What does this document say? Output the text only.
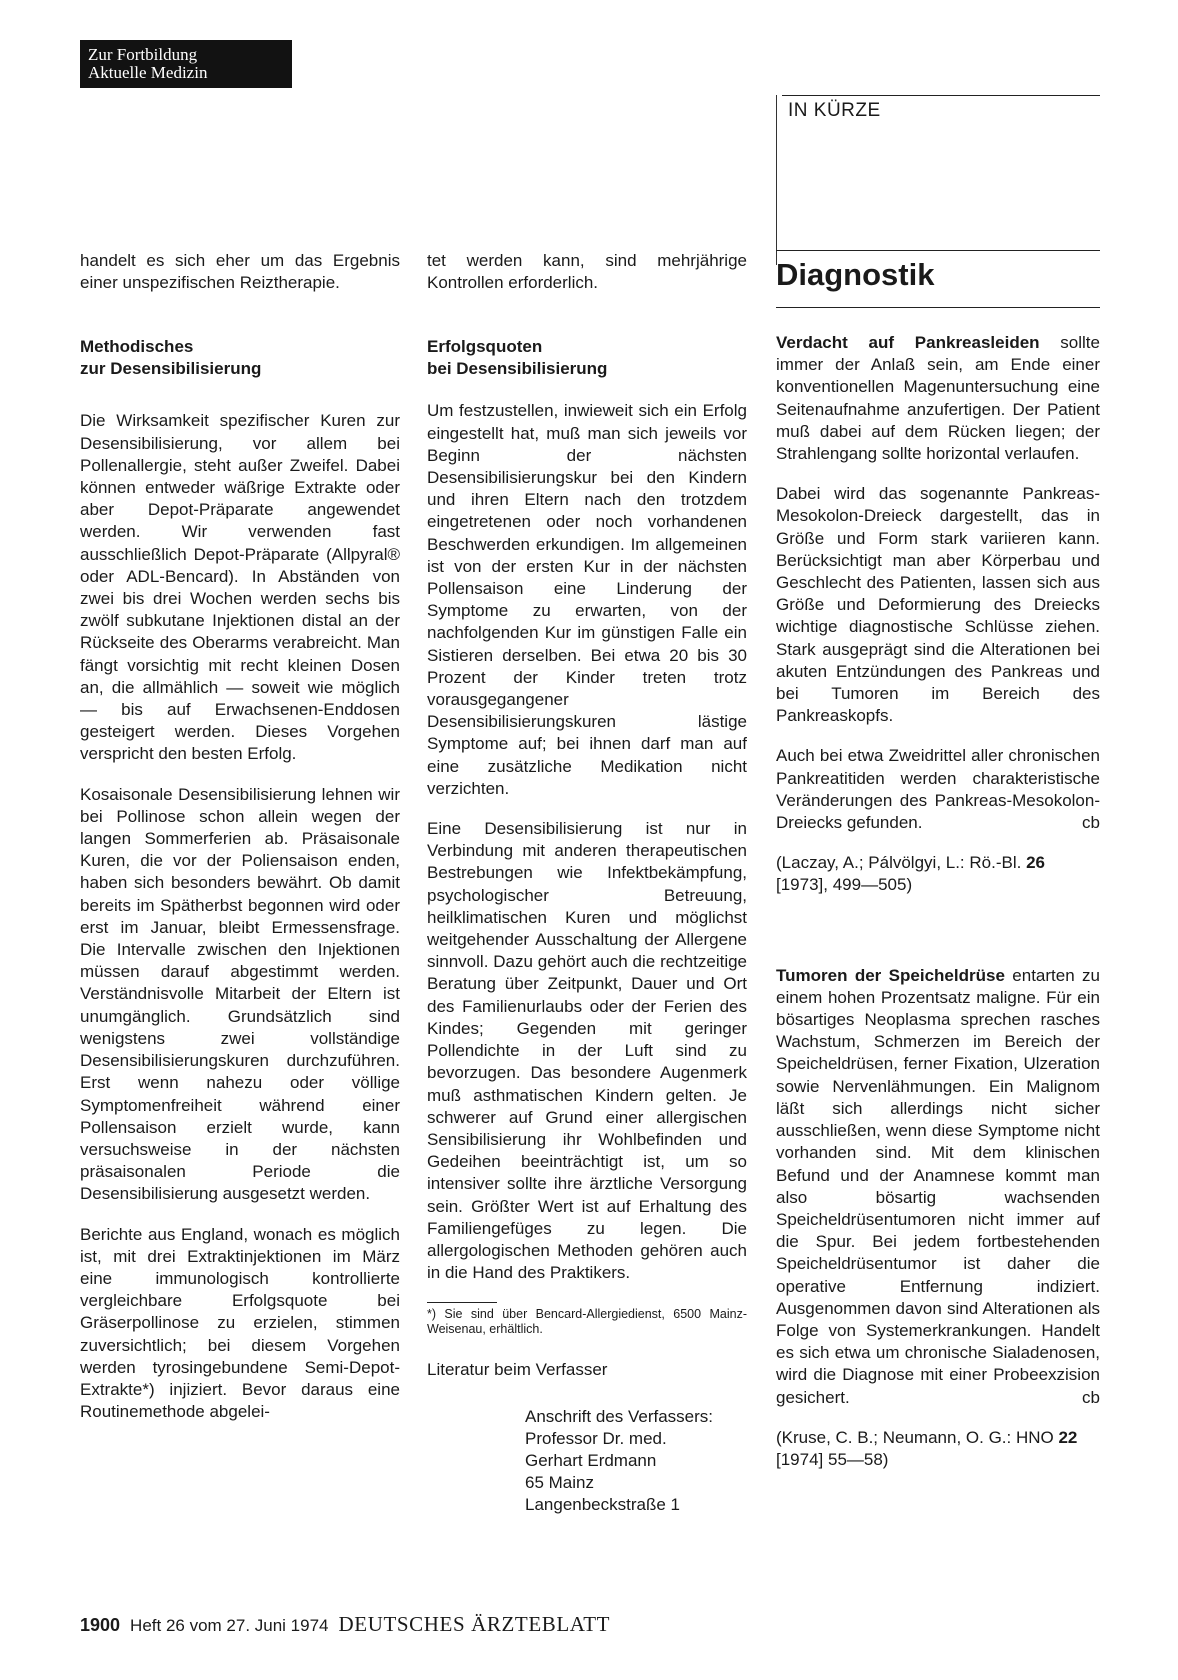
Zur Fortbildung
Aktuelle Medizin
IN KÜRZE

handelt es sich eher um das Ergebnis einer unspezifischen Reiztherapie.

Methodisches
zur Desensibilisierung

Die Wirksamkeit spezifischer Kuren zur Desensibilisierung, vor allem bei Pollenallergie, steht außer Zweifel. Dabei können entweder wäßrige Extrakte oder aber Depot-Präparate angewendet werden. Wir verwenden fast ausschließlich Depot-Präparate (Allpyral® oder ADL-Bencard). In Abständen von zwei bis drei Wochen werden sechs bis zwölf subkutane Injektionen distal an der Rückseite des Oberarms verabreicht. Man fängt vorsichtig mit recht kleinen Dosen an, die allmählich — soweit wie möglich — bis auf Erwachsenen-Enddosen gesteigert werden. Dieses Vorgehen verspricht den besten Erfolg.

Kosaisonale Desensibilisierung lehnen wir bei Pollinose schon allein wegen der langen Sommerferien ab. Präsaisonale Kuren, die vor der Poliensaison enden, haben sich besonders bewährt. Ob damit bereits im Spätherbst begonnen wird oder erst im Januar, bleibt Ermessensfrage. Die Intervalle zwischen den Injektionen müssen darauf abgestimmt werden. Verständnisvolle Mitarbeit der Eltern ist unumgänglich. Grundsätzlich sind wenigstens zwei vollständige Desensibilisierungskuren durchzuführen. Erst wenn nahezu oder völlige Symptomenfreiheit während einer Pollensaison erzielt wurde, kann versuchsweise in der nächsten präsaisonalen Periode die Desensibilisierung ausgesetzt werden.

Berichte aus England, wonach es möglich ist, mit drei Extraktinjektionen im März eine immunologisch kontrollierte vergleichbare Erfolgsquote bei Gräserpollinose zu erzielen, stimmen zuversichtlich; bei diesem Vorgehen werden tyrosingebundene Semi-Depot-Extrakte*) injiziert. Bevor daraus eine Routinemethode abgelei-

tet werden kann, sind mehrjährige Kontrollen erforderlich.

Erfolgsquoten
bei Desensibilisierung

Um festzustellen, inwieweit sich ein Erfolg eingestellt hat, muß man sich jeweils vor Beginn der nächsten Desensibilisierungskur bei den Kindern und ihren Eltern nach den trotzdem eingetretenen oder noch vorhandenen Beschwerden erkundigen. Im allgemeinen ist von der ersten Kur in der nächsten Pollensaison eine Linderung der Symptome zu erwarten, von der nachfolgenden Kur im günstigen Falle ein Sistieren derselben. Bei etwa 20 bis 30 Prozent der Kinder treten trotz vorausgegangener Desensibilisierungskuren lästige Symptome auf; bei ihnen darf man auf eine zusätzliche Medikation nicht verzichten.

Eine Desensibilisierung ist nur in Verbindung mit anderen therapeutischen Bestrebungen wie Infektbekämpfung, psychologischer Betreuung, heilklimatischen Kuren und möglichst weitgehender Ausschaltung der Allergene sinnvoll. Dazu gehört auch die rechtzeitige Beratung über Zeitpunkt, Dauer und Ort des Familienurlaubs oder der Ferien des Kindes; Gegenden mit geringer Pollendichte in der Luft sind zu bevorzugen. Das besondere Augenmerk muß asthmatischen Kindern gelten. Je schwerer auf Grund einer allergischen Sensibilisierung ihr Wohlbefinden und Gedeihen beeinträchtigt ist, um so intensiver sollte ihre ärztliche Versorgung sein. Größter Wert ist auf Erhaltung des Familiengefüges zu legen. Die allergologischen Methoden gehören auch in die Hand des Praktikers.

*) Sie sind über Bencard-Allergiedienst, 6500 Mainz-Weisenau, erhältlich.

Literatur beim Verfasser

Anschrift des Verfassers:
Professor Dr. med.
Gerhart Erdmann
65 Mainz
Langenbeckstraße 1
Diagnostik

Verdacht auf Pankreasleiden sollte immer der Anlaß sein, am Ende einer konventionellen Magenuntersuchung eine Seitenaufnahme anzufertigen. Der Patient muß dabei auf dem Rücken liegen; der Strahlengang sollte horizontal verlaufen.

Dabei wird das sogenannte Pankreas-Mesokolon-Dreieck dargestellt, das in Größe und Form stark variieren kann. Berücksichtigt man aber Körperbau und Geschlecht des Patienten, lassen sich aus Größe und Deformierung des Dreiecks wichtige diagnostische Schlüsse ziehen. Stark ausgeprägt sind die Alterationen bei akuten Entzündungen des Pankreas und bei Tumoren im Bereich des Pankreaskopfs.

Auch bei etwa Zweidrittel aller chronischen Pankreatitiden werden charakteristische Veränderungen des Pankreas-Mesokolon-Dreiecks gefunden.	cb

(Laczay, A.; Pálvölgyi, L.: Rö.-Bl. 26 [1973], 499—505)

Tumoren der Speicheldrüse entarten zu einem hohen Prozentsatz maligne. Für ein bösartiges Neoplasma sprechen rasches Wachstum, Schmerzen im Bereich der Speicheldrüsen, ferner Fixation, Ulzeration sowie Nervenlähmungen. Ein Malignom läßt sich allerdings nicht sicher ausschließen, wenn diese Symptome nicht vorhanden sind. Mit dem klinischen Befund und der Anamnese kommt man also bösartig wachsenden Speicheldrüsentumoren nicht immer auf die Spur. Bei jedem fortbestehenden Speicheldrüsentumor ist daher die operative Entfernung indiziert. Ausgenommen davon sind Alterationen als Folge von Systemerkrankungen. Handelt es sich etwa um chronische Sialadenosen, wird die Diagnose mit einer Probeexzision gesichert.	cb

(Kruse, C. B.; Neumann, O. G.: HNO 22 [1974] 55—58)

1900 Heft 26 vom 27. Juni 1974 DEUTSCHES ÄRZTEBLATT
